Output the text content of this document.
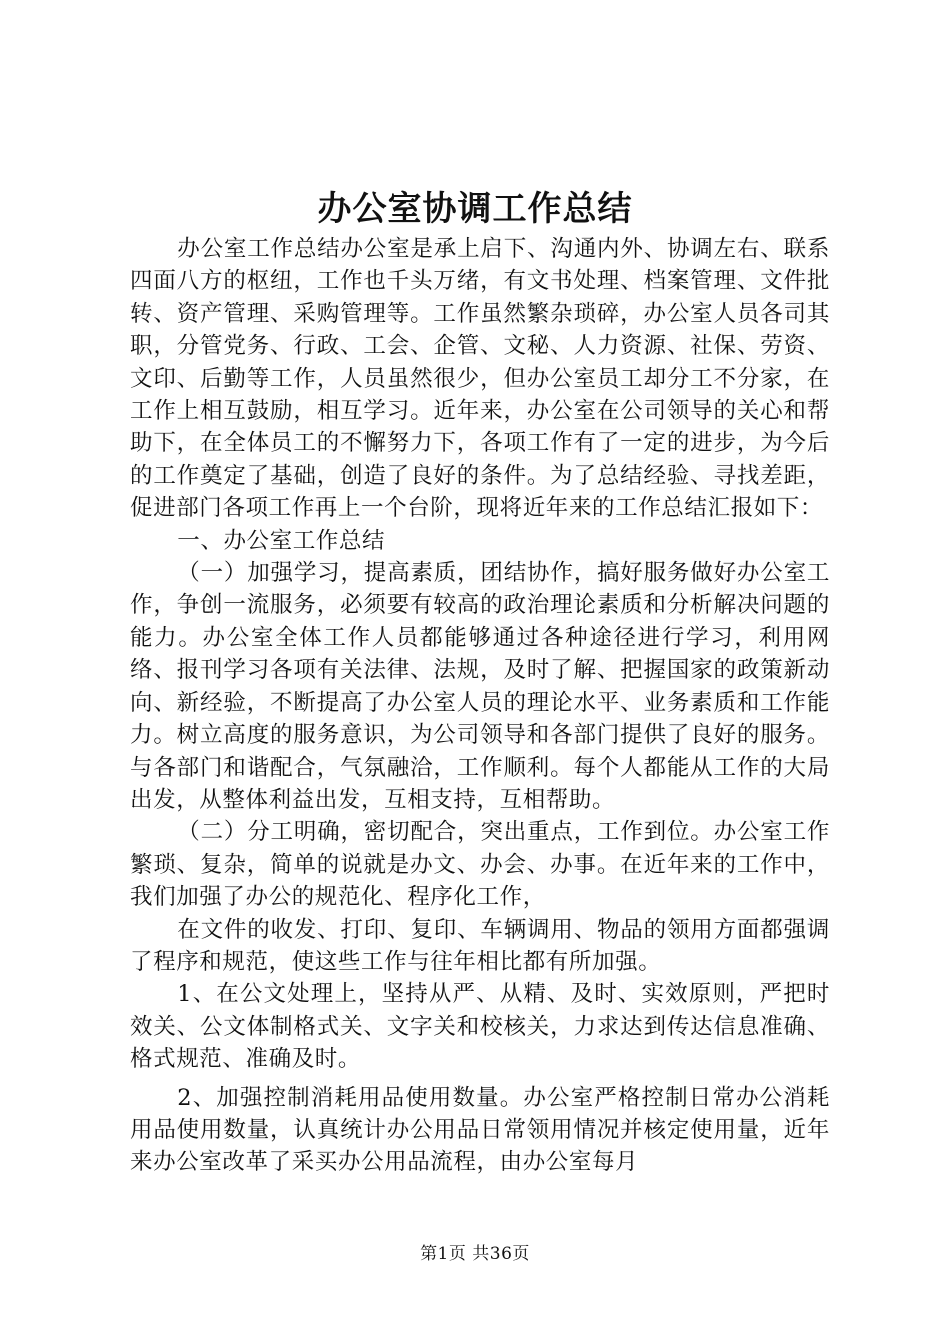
办公室协调工作总结

办公室工作总结办公室是承上启下、沟通内外、协调左右、联系四面八方的枢纽，工作也千头万绪，有文书处理、档案管理、文件批转、资产管理、采购管理等。工作虽然繁杂琐碎，办公室人员各司其职，分管党务、行政、工会、企管、文秘、人力资源、社保、劳资、文印、后勤等工作，人员虽然很少，但办公室员工却分工不分家，在工作上相互鼓励，相互学习。近年来，办公室在公司领导的关心和帮助下，在全体员工的不懈努力下，各项工作有了一定的进步，为今后的工作奠定了基础，创造了良好的条件。为了总结经验、寻找差距，促进部门各项工作再上一个台阶，现将近年来的工作总结汇报如下：

一、办公室工作总结

（一）加强学习，提高素质，团结协作，搞好服务做好办公室工作，争创一流服务，必须要有较高的政治理论素质和分析解决问题的能力。办公室全体工作人员都能够通过各种途径进行学习，利用网络、报刊学习各项有关法律、法规，及时了解、把握国家的政策新动向、新经验，不断提高了办公室人员的理论水平、业务素质和工作能力。树立高度的服务意识，为公司领导和各部门提供了良好的服务。与各部门和谐配合，气氛融洽，工作顺利。每个人都能从工作的大局出发，从整体利益出发，互相支持，互相帮助。

（二）分工明确，密切配合，突出重点，工作到位。办公室工作繁琐、复杂，简单的说就是办文、办会、办事。在近年来的工作中，我们加强了办公的规范化、程序化工作，

在文件的收发、打印、复印、车辆调用、物品的领用方面都强调了程序和规范，使这些工作与往年相比都有所加强。

1、在公文处理上，坚持从严、从精、及时、实效原则，严把时效关、公文体制格式关、文字关和校核关，力求达到传达信息准确、格式规范、准确及时。

2、加强控制消耗用品使用数量。办公室严格控制日常办公消耗用品使用数量，认真统计办公用品日常领用情况并核定使用量，近年来办公室改革了采买办公用品流程，由办公室每月

第1页 共36页
